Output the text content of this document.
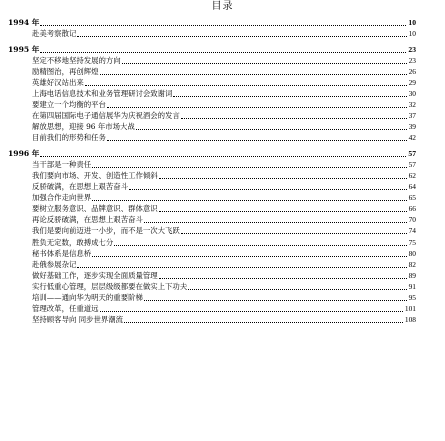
目录
1994 年	10
赴美考察散记	10
1995 年	23
坚定不移地坚持发展的方向	23
励精图治，再创辉煌	26
英雄好汉站出来	29
上海电话信息技术和业务管理研讨会致谢词	30
要建立一个均衡的平台	32
在第四届国际电子通信展华为庆祝酒会的发言	37
解放思想，迎接 96 年市场大战	39
目前我们的形势和任务	42
1996 年	57
当干部是一种责任	57
我们要向市场、开发、创造性工作倾斜	62
反骄破满，在思想上艰苦奋斗	64
加强合作走向世界	65
要树立服务意识、品牌意识、群体意识	66
再论反骄破满，在思想上艰苦奋斗	70
我们是要向前迈进一小步，而不是一次大飞跃	74
胜负无定数，敢搏成七分	75
秘书体系是信息桥	80
赴俄参展杂记	82
做好基础工作，逐步实现全面质量管理	89
实行低重心管理，层层级级都要在做实上下功夫	91
培训——通向华为明天的重要阶梯	95
管理改革，任重道远	101
坚持顾客导向 同步世界潮流	108
